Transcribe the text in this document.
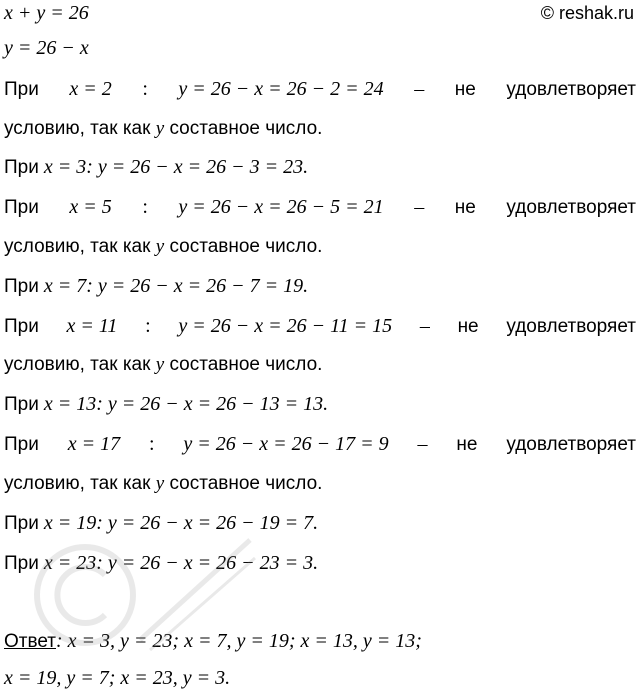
© reshak.ru
x + y = 26
y = 26 − x
При x = 2 : y = 26 − x = 26 − 2 = 24 – не удовлетворяет
условию, так как y составное число.
При x = 3: y = 26 − x = 26 − 3 = 23.
При x = 5 : y = 26 − x = 26 − 5 = 21 – не удовлетворяет
условию, так как y составное число.
При x = 7: y = 26 − x = 26 − 7 = 19.
При x = 11 : y = 26 − x = 26 − 11 = 15 – не удовлетворяет
условию, так как y составное число.
При x = 13: y = 26 − x = 26 − 13 = 13.
При x = 17 : y = 26 − x = 26 − 17 = 9 – не удовлетворяет
условию, так как y составное число.
При x = 19: y = 26 − x = 26 − 19 = 7.
При x = 23: y = 26 − x = 26 − 23 = 3.
Ответ: x = 3, y = 23; x = 7, y = 19; x = 13, y = 13;
x = 19, y = 7; x = 23, y = 3.
